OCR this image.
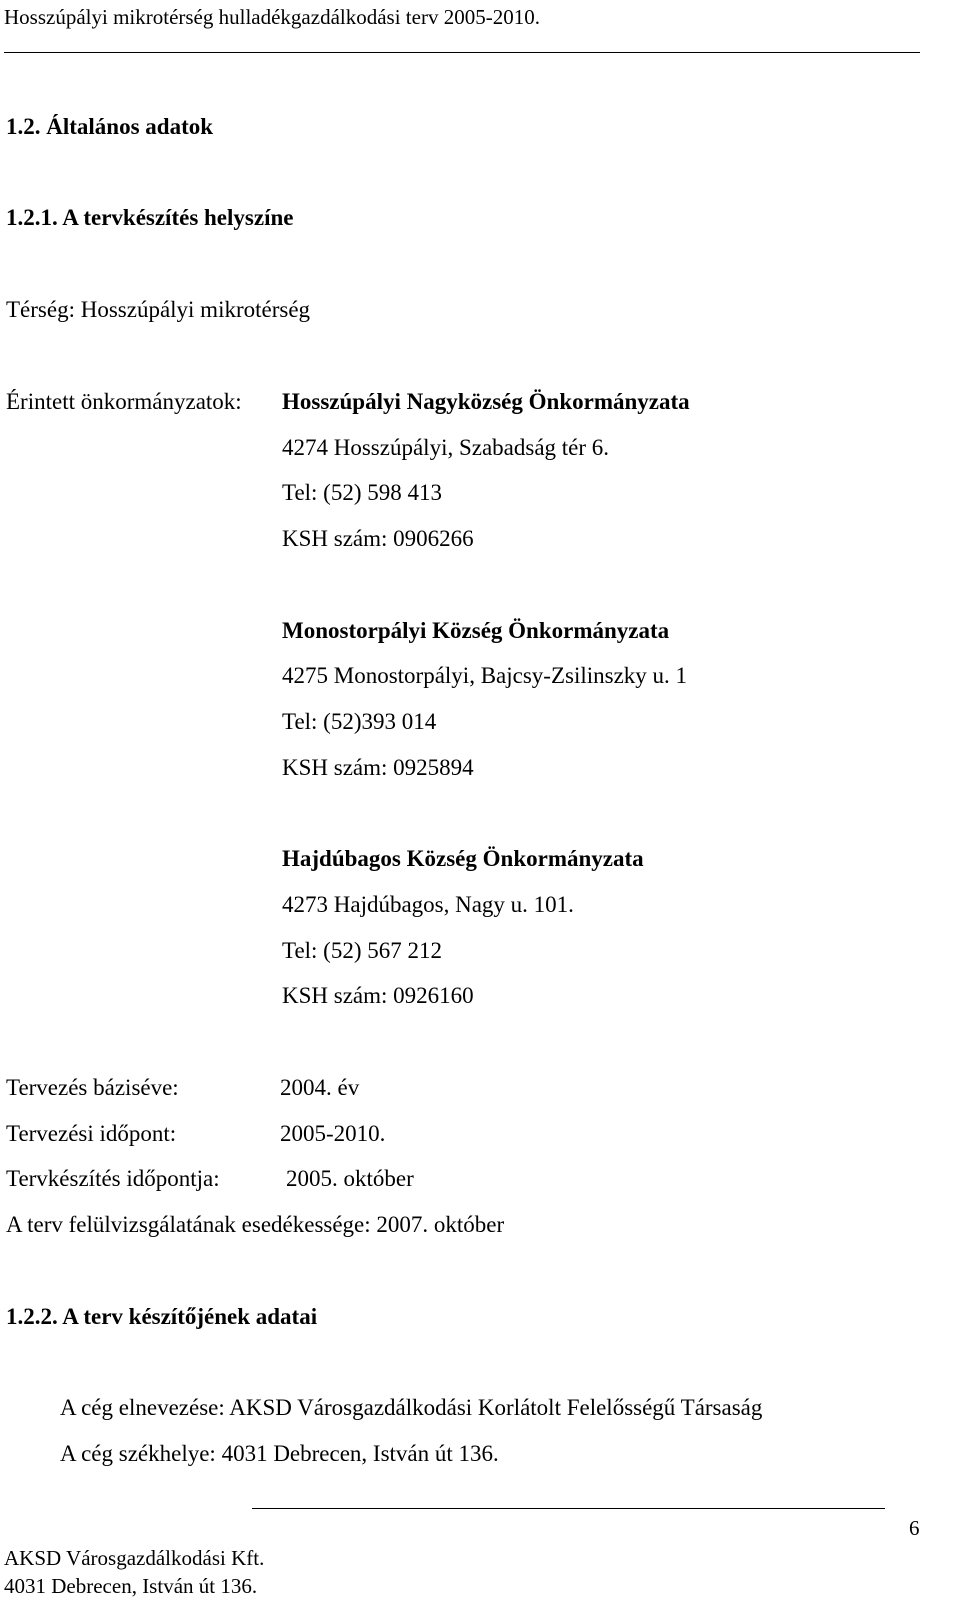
Hosszúpályi mikrotérség hulladékgazdálkodási terv 2005-2010.
1.2. Általános adatok
1.2.1. A tervkészítés helyszíne
Térség: Hosszúpályi mikrotérség
Érintett önkormányzatok: Hosszúpályi Nagyközség Önkormányzata
4274 Hosszúpályi, Szabadság tér 6.
Tel: (52) 598 413
KSH szám: 0906266
Monostorpályi Község Önkormányzata
4275 Monostorpályi, Bajcsy-Zsilinszky u. 1
Tel: (52)393 014
KSH szám: 0925894
Hajdúbagos Község Önkormányzata
4273 Hajdúbagos, Nagy u. 101.
Tel: (52) 567 212
KSH szám: 0926160
Tervezés báziséve:	2004. év
Tervezési időpont:	2005-2010.
Tervkészítés időpontja:	2005. október
A terv felülvizsgálatának esedékessége: 2007. október
1.2.2. A terv készítőjének adatai
A cég elnevezése: AKSD Városgazdálkodási Korlátolt Felelősségű Társaság
A cég székhelye: 4031 Debrecen, István út 136.
6
AKSD Városgazdálkodási Kft.
4031 Debrecen, István út 136.
